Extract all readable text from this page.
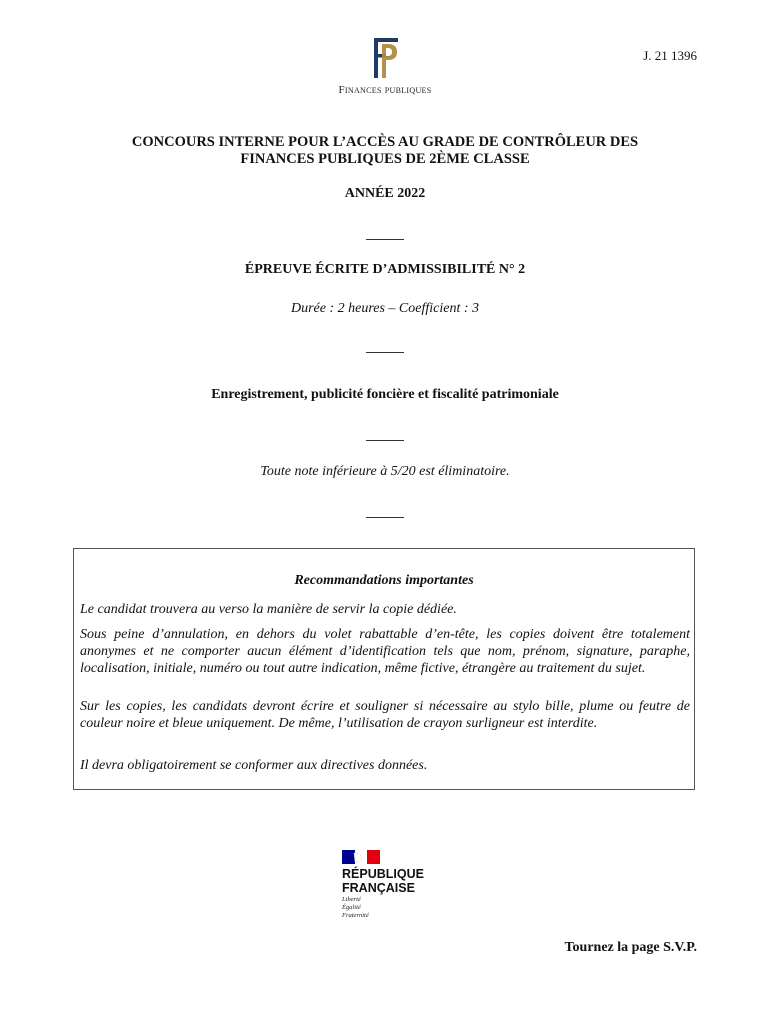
J. 21 1396
Finances publiques
CONCOURS INTERNE POUR L’ACCÈS AU GRADE DE CONTRÔLEUR DES
FINANCES PUBLIQUES DE 2ÈME CLASSE
ANNÉE 2022
ÉPREUVE ÉCRITE D’ADMISSIBILITÉ N° 2
Durée : 2 heures – Coefficient : 3
Enregistrement, publicité foncière et fiscalité patrimoniale
Toute note inférieure à 5/20 est éliminatoire.
Recommandations importantes
Le candidat trouvera au verso la manière de servir la copie dédiée.
Sous peine d’annulation, en dehors du volet rabattable d’en-tête, les copies doivent être totalement anonymes et ne comporter aucun élément d’identification tels que nom, prénom, signature, paraphe, localisation, initiale, numéro ou tout autre indication, même fictive, étrangère au traitement du sujet.
Sur les copies, les candidats devront écrire et souligner si nécessaire au stylo bille, plume ou feutre de couleur noire et bleue uniquement. De même, l’utilisation de crayon surligneur est interdite.
Il devra obligatoirement se conformer aux directives données.
RÉPUBLIQUE
FRANÇAISE
Liberté
Égalité
Fraternité
Tournez la page S.V.P.
